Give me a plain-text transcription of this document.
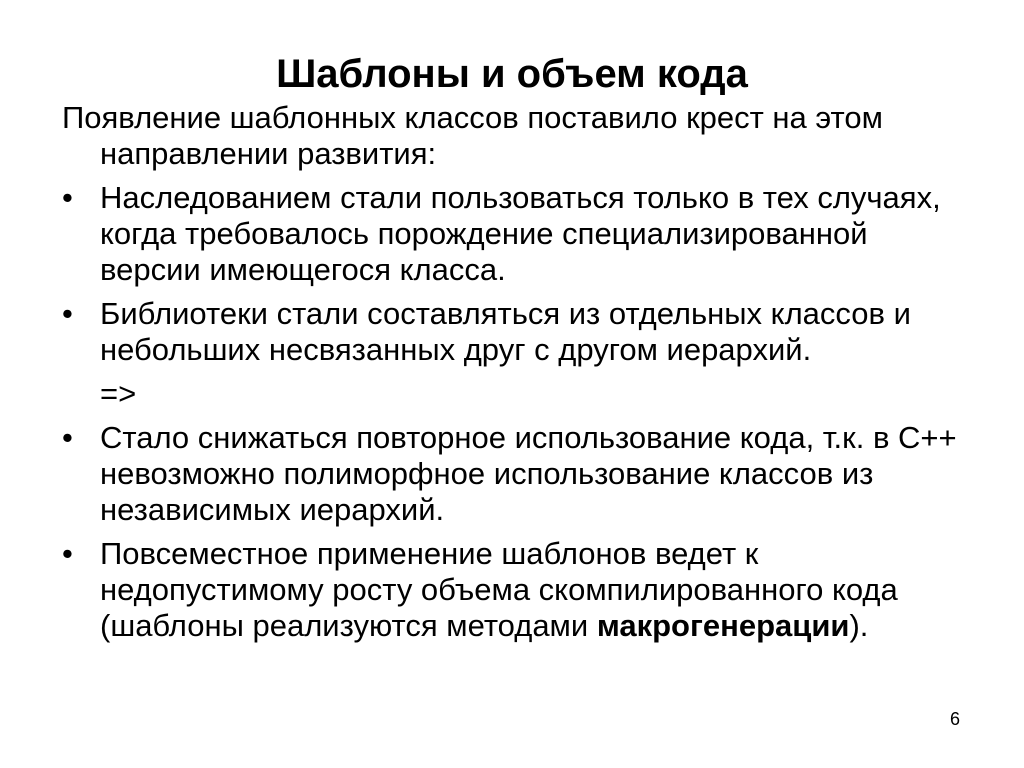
Шаблоны и объем кода
Появление шаблонных классов поставило крест на этом направлении развития:
• Наследованием стали пользоваться только в тех случаях, когда требовалось порождение специализированной версии имеющегося класса.
• Библиотеки стали составляться из отдельных классов и небольших несвязанных друг с другом иерархий.
=>
• Стало снижаться повторное использование кода, т.к. в С++ невозможно полиморфное использование классов из независимых иерархий.
• Повсеместное применение шаблонов ведет к недопустимому росту объема скомпилированного кода (шаблоны реализуются методами макрогенерации).
6
